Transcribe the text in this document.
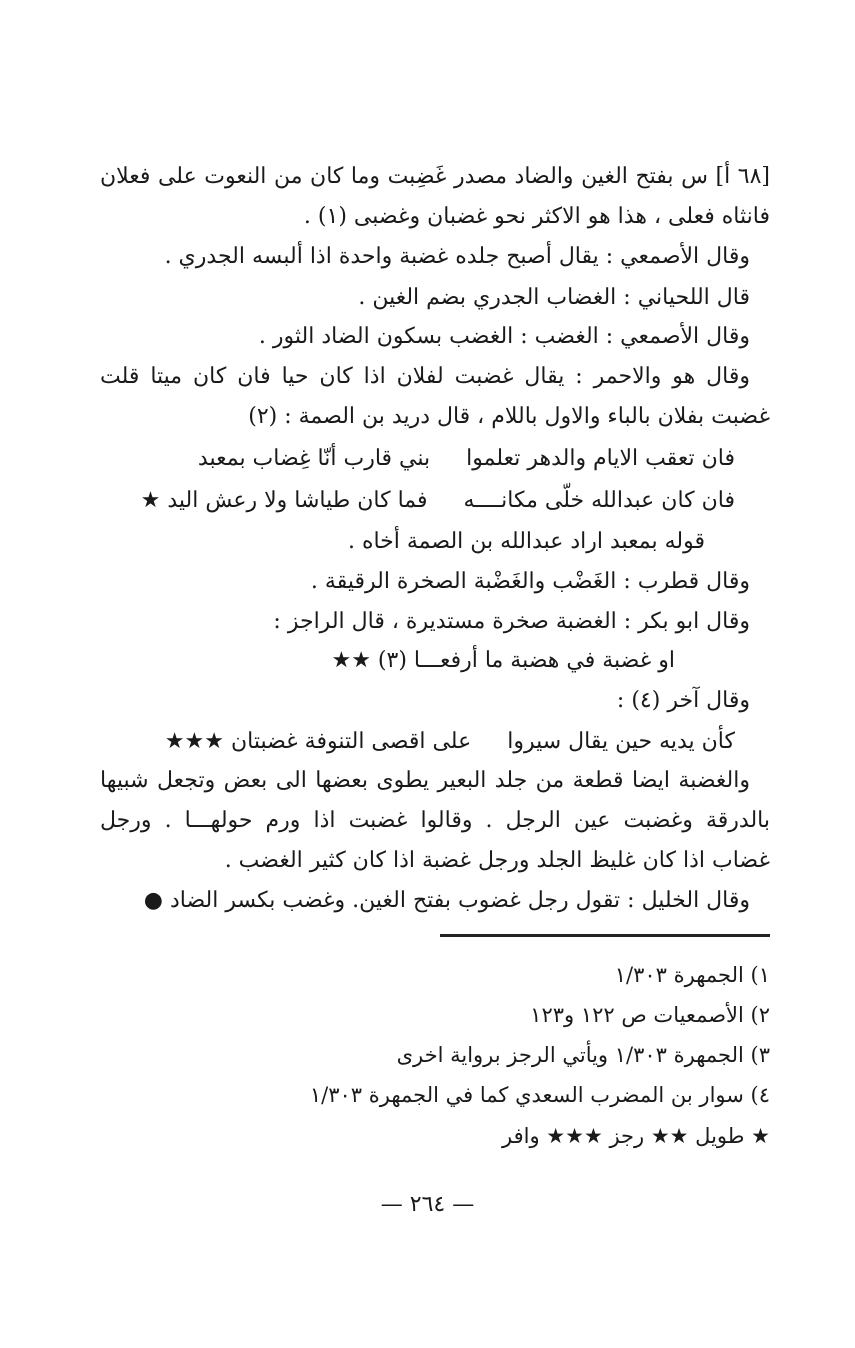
[٦٨ أ] س بفتح الغين والضاد مصدر غَضِبت وما كان من النعوت على فعلان
فانثاه فعلى ، هذا هو الاكثر نحو غضبان وغضبى (١) .
وقال الأصمعي : يقال أصبح جلده غضبة واحدة اذا ألبسه الجدري .
قال اللحياني : الغضاب الجدري بضم الغين .
وقال الأصمعي : الغضب : الغضب بسكون الضاد الثور .
وقال هو والاحمر : يقال غضبت لفلان اذا كان حيا فان كان ميتا قلت
غضبت بفلان بالباء والاول باللام ، قال دريد بن الصمة : (٢)
فان تعقب الايام والدهر تعلموابني قارب أنّا غِضاب بمعبد
فان كان عبدالله خلّى مكانــــهفما كان طياشا ولا رعش اليد ★
قوله بمعبد اراد عبدالله بن الصمة أخاه .
وقال قطرب : الغَضْب والغَضْبة الصخرة الرقيقة .
وقال ابو بكر : الغضبة صخرة مستديرة ، قال الراجز :
او غضبة في هضبة ما أرفعـــا (٣) ★★
وقال آخر (٤) :
كأن يديه حين يقال سيرواعلى اقصى التنوفة غضبتان ★★★
والغضبة ايضا قطعة من جلد البعير يطوى بعضها الى بعض وتجعل شبيها
بالدرقة وغضبت عين الرجل . وقالوا غضبت اذا ورم حولهـــا . ورجل
غضاب اذا كان غليظ الجلد ورجل غضبة اذا كان كثير الغضب .
وقال الخليل : تقول رجل غضوب بفتح الغين. وغضب بكسر الضاد ●
١) الجمهرة ١/٣٠٣
٢) الأصمعيات ص ١٢٢ و١٢٣
٣) الجمهرة ١/٣٠٣ ويأتي الرجز برواية اخرى
٤) سوار بن المضرب السعدي كما في الجمهرة ١/٣٠٣
★ طويل ★★ رجز ★★★ وافر
— ٢٦٤ —
